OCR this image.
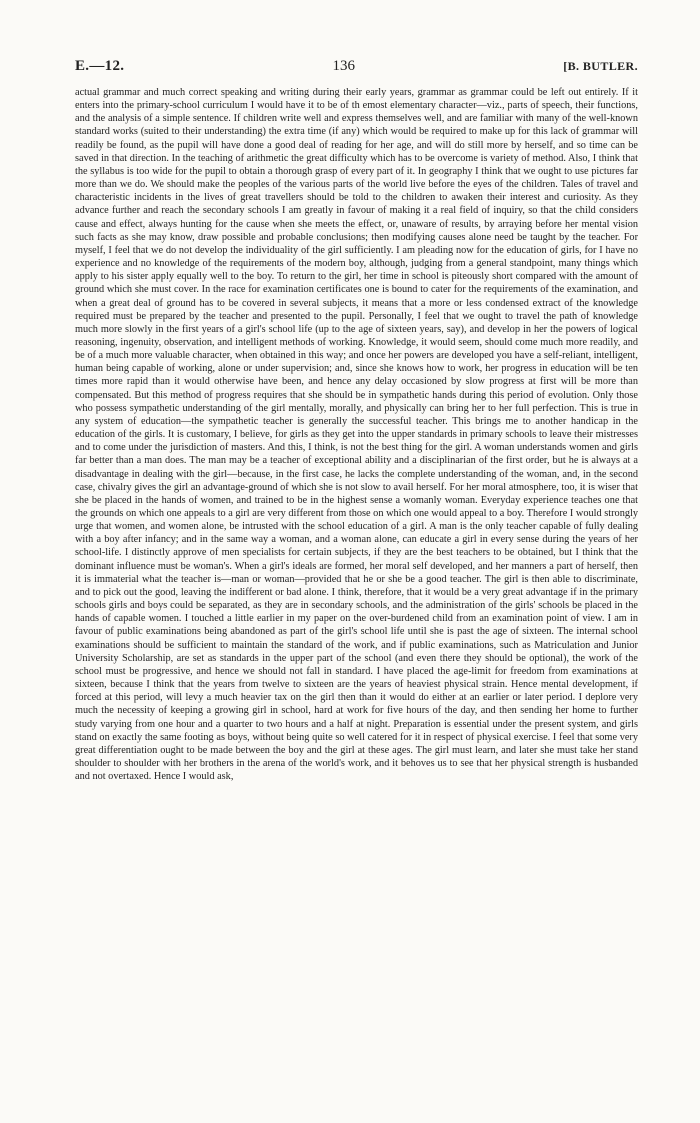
E.—12.	136	[B. BUTLER.

actual grammar and much correct speaking and writing during their early years, grammar as grammar could be left out entirely. If it enters into the primary-school curriculum I would have it to be of th emost elementary character—viz., parts of speech, their functions, and the analysis of a simple sentence. If children write well and express themselves well, and are familiar with many of the well-known standard works (suited to their understanding) the extra time (if any) which would be required to make up for this lack of grammar will readily be found, as the pupil will have done a good deal of reading for her age, and will do still more by herself, and so time can be saved in that direction. In the teaching of arithmetic the great difficulty which has to be overcome is variety of method. Also, I think that the syllabus is too wide for the pupil to obtain a thorough grasp of every part of it. In geography I think that we ought to use pictures far more than we do. We should make the peoples of the various parts of the world live before the eyes of the children. Tales of travel and characteristic incidents in the lives of great travellers should be told to the children to awaken their interest and curiosity. As they advance further and reach the secondary schools I am greatly in favour of making it a real field of inquiry, so that the child considers cause and effect, always hunting for the cause when she meets the effect, or, unaware of results, by arraying before her mental vision such facts as she may know, draw possible and probable conclusions; then modifying causes alone need be taught by the teacher. For myself, I feel that we do not develop the individuality of the girl sufficiently. I am pleading now for the education of girls, for I have no experience and no knowledge of the requirements of the modern boy, although, judging from a general standpoint, many things which apply to his sister apply equally well to the boy. To return to the girl, her time in school is piteously short compared with the amount of ground which she must cover. In the race for examination certificates one is bound to cater for the requirements of the examination, and when a great deal of ground has to be covered in several subjects, it means that a more or less condensed extract of the knowledge required must be prepared by the teacher and presented to the pupil. Personally, I feel that we ought to travel the path of knowledge much more slowly in the first years of a girl's school life (up to the age of sixteen years, say), and develop in her the powers of logical reasoning, ingenuity, observation, and intelligent methods of working. Knowledge, it would seem, should come much more readily, and be of a much more valuable character, when obtained in this way; and once her powers are developed you have a self-reliant, intelligent, human being capable of working, alone or under supervision; and, since she knows how to work, her progress in education will be ten times more rapid than it would otherwise have been, and hence any delay occasioned by slow progress at first will be more than compensated. But this method of progress requires that she should be in sympathetic hands during this period of evolution. Only those who possess sympathetic understanding of the girl mentally, morally, and physically can bring her to her full perfection. This is true in any system of education—the sympathetic teacher is generally the successful teacher. This brings me to another handicap in the education of the girls. It is customary, I believe, for girls as they get into the upper standards in primary schools to leave their mistresses and to come under the jurisdiction of masters. And this, I think, is not the best thing for the girl. A woman understands women and girls far better than a man does. The man may be a teacher of exceptional ability and a disciplinarian of the first order, but he is always at a disadvantage in dealing with the girl—because, in the first case, he lacks the complete understanding of the woman, and, in the second case, chivalry gives the girl an advantage-ground of which she is not slow to avail herself. For her moral atmosphere, too, it is wiser that she be placed in the hands of women, and trained to be in the highest sense a womanly woman. Everyday experience teaches one that the grounds on which one appeals to a girl are very different from those on which one would appeal to a boy. Therefore I would strongly urge that women, and women alone, be intrusted with the school education of a girl. A man is the only teacher capable of fully dealing with a boy after infancy; and in the same way a woman, and a woman alone, can educate a girl in every sense during the years of her school-life. I distinctly approve of men specialists for certain subjects, if they are the best teachers to be obtained, but I think that the dominant influence must be woman's. When a girl's ideals are formed, her moral self developed, and her manners a part of herself, then it is immaterial what the teacher is—man or woman—provided that he or she be a good teacher. The girl is then able to discriminate, and to pick out the good, leaving the indifferent or bad alone. I think, therefore, that it would be a very great advantage if in the primary schools girls and boys could be separated, as they are in secondary schools, and the administration of the girls' schools be placed in the hands of capable women. I touched a little earlier in my paper on the over-burdened child from an examination point of view. I am in favour of public examinations being abandoned as part of the girl's school life until she is past the age of sixteen. The internal school examinations should be sufficient to maintain the standard of the work, and if public examinations, such as Matriculation and Junior University Scholarship, are set as standards in the upper part of the school (and even there they should be optional), the work of the school must be progressive, and hence we should not fall in standard. I have placed the age-limit for freedom from examinations at sixteen, because I think that the years from twelve to sixteen are the years of heaviest physical strain. Hence mental development, if forced at this period, will levy a much heavier tax on the girl then than it would do either at an earlier or later period. I deplore very much the necessity of keeping a growing girl in school, hard at work for five hours of the day, and then sending her home to further study varying from one hour and a quarter to two hours and a half at night. Preparation is essential under the present system, and girls stand on exactly the same footing as boys, without being quite so well catered for it in respect of physical exercise. I feel that some very great differentiation ought to be made between the boy and the girl at these ages. The girl must learn, and later she must take her stand shoulder to shoulder with her brothers in the arena of the world's work, and it behoves us to see that her physical strength is husbanded and not overtaxed. Hence I would ask,
